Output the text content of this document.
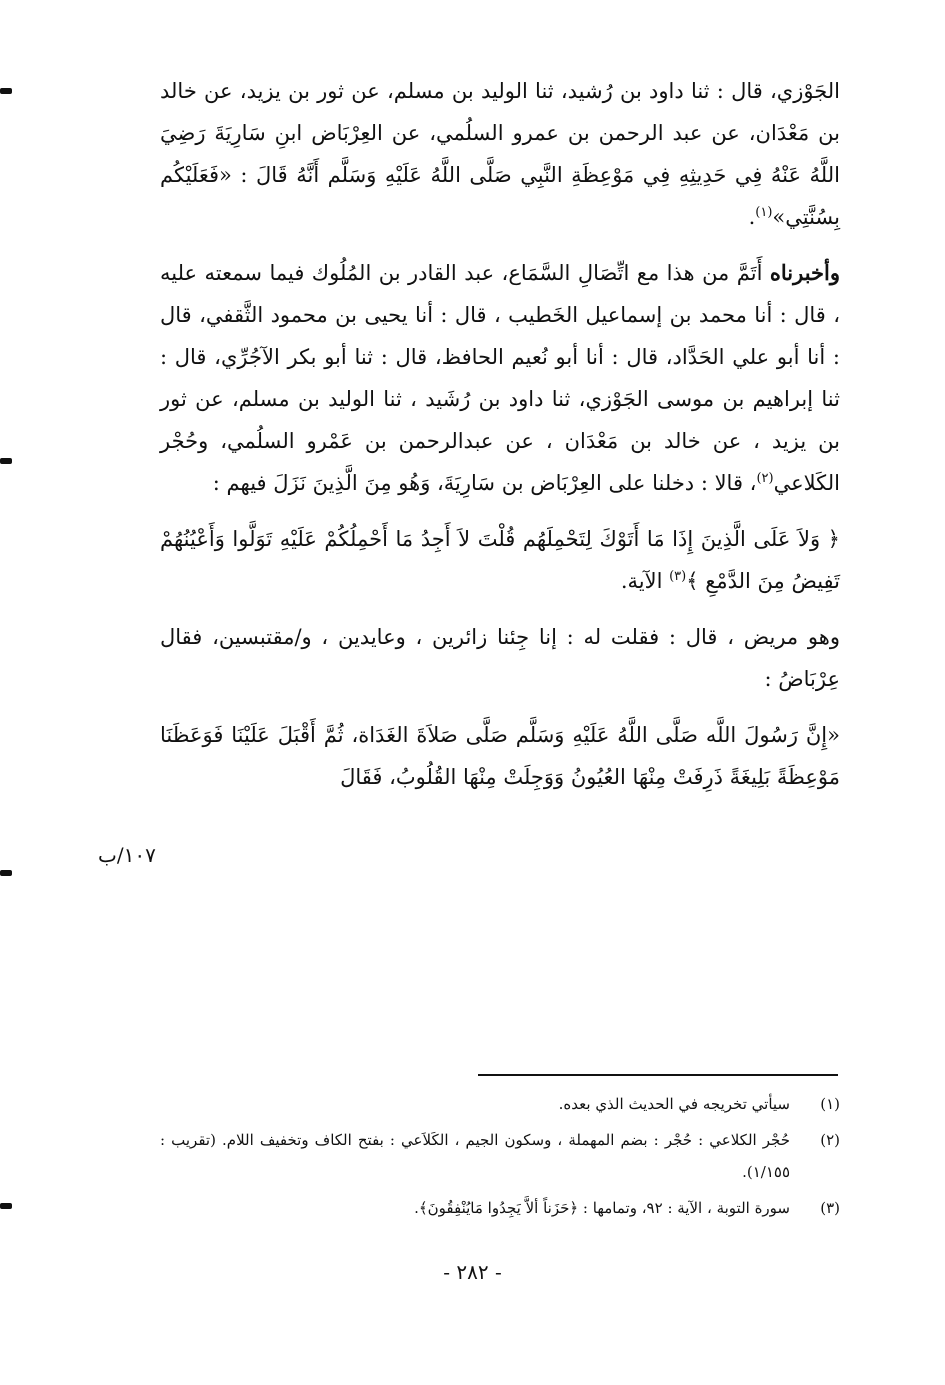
الجَوْزي، قال : ثنا داود بن رُشيد، ثنا الوليد بن مسلم، عن ثور بن يزيد، عن خالد بن مَعْدَان، عن عبد الرحمن بن عمرو السلُمي، عن العِرْبَاض ابنِ سَارِيَةَ رَضِيَ اللَّهُ عَنْهُ فِي حَدِيثِهِ فِي مَوْعِظَةِ النَّبِي صَلَّى اللَّهُ عَلَيْهِ وَسَلَّم أَنَّهُ قَالَ : «فَعَلَيْكُم بِسُنَّتِي»$^{(١)}$.

وأخبرناه أَتَمَّ من هذا مع اتِّصَالِ السَّمَاع، عبد القادر بن المُلُوك فيما سمعته عليه ، قال : أنا محمد بن إسماعيل الخَطيب ، قال : أنا يحيى بن محمود الثَّقفي، قال : أنا أبو علي الحَدَّاد، قال : أنا أبو نُعيم الحافظ، قال : ثنا أبو بكر الآجُرِّي، قال : ثنا إبراهيم بن موسى الجَوْزي، ثنا داود بن رُشَيد ، ثنا الوليد بن مسلم، عن ثور بن يزيد ، عن خالد بن مَعْدَان ، عن عبدالرحمن بن عَمْرو السلُمي، وحُجْر الكَلاعي$^{(٢)}$، قالا : دخلنا على العِرْبَاض بن سَارِيَةَ، وَهُو مِنَ الَّذِينَ نَزَلَ فيهم :

﴿ وَلاَ عَلَى الَّذِينَ إِذَا مَا أَتَوْكَ لِتَحْمِلَهُم قُلْتَ لاَ أَجِدُ مَا أَحْمِلُكُمْ عَلَيْهِ تَوَلَّوا وَأَعْيُنُهُمْ تَفِيضُ مِنَ الدَّمْعِ ﴾$^{(٣)}$ الآية.

وهو مريض ، قال : فقلت له : إنا جِئنا زائرين ، وعايدين ، و/مقتبسين، فقال عِرْبَاضُ :

«إِنَّ رَسُولَ اللَّه صَلَّى اللَّهُ عَلَيْهِ وَسَلَّم صَلَّى صَلاَةَ الغَدَاة، ثُمَّ أَقْبَلَ عَلَيْنَا فَوَعَظَنَا مَوْعِظَةً بَلِيغَةً ذَرِفَتْ مِنْهَا العُيُونُ وَوَجِلَتْ مِنْهَا القُلُوبُ، فَقَالَ

١٠٧/ب
(١)
سيأتي تخريجه في الحديث الذي بعده.
(٢)
حُجْر الكلاعي : حُجْر : بضم المهملة ، وسكون الجيم ، الكَلاَعي : بفتح الكاف وتخفيف اللام. (تقريب : ١/١٥٥).
(٣)
سورة التوبة ، الآية : ٩٢، وتمامها : ﴿حَزَناً ألاَّ يَجِدُوا مَايُنْفِقُونَ﴾.
- ٢٨٢ -
